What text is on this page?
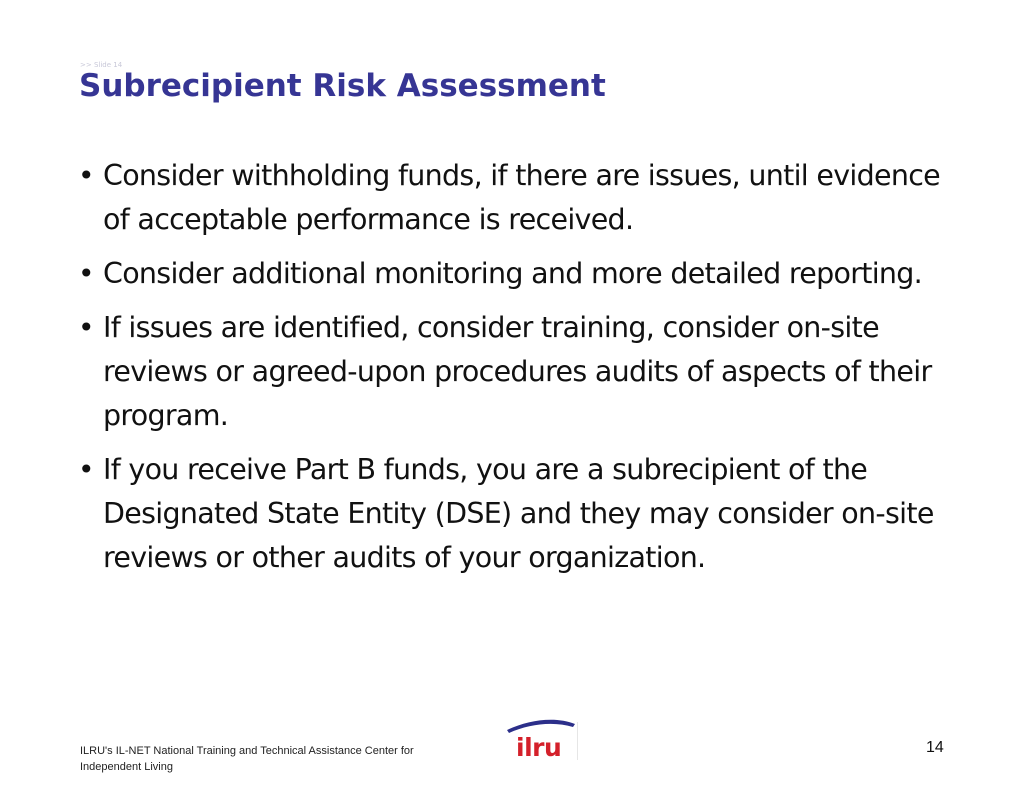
>> Slide 14
Subrecipient Risk Assessment
• Consider withholding funds, if there are issues, until evidence of acceptable performance is received.
• Consider additional monitoring and more detailed reporting.
• If issues are identified, consider training, consider on-site reviews or agreed-upon procedures audits of aspects of their program.
• If you receive Part B funds, you are a subrecipient of the Designated State Entity (DSE) and they may consider on-site reviews or other audits of your organization.
ILRU's IL-NET National Training and Technical Assistance Center for
Independent Living
ilru	14
